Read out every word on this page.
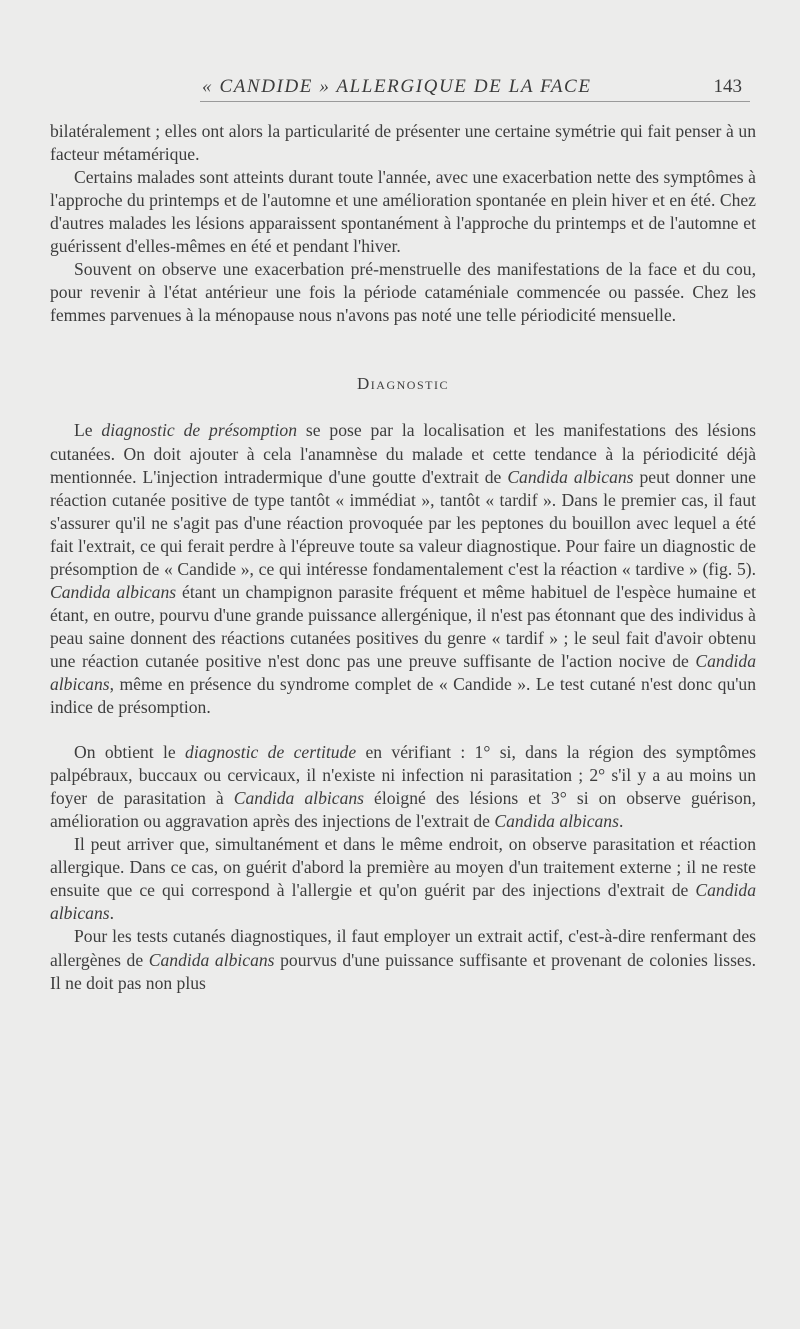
« CANDIDE » ALLERGIQUE DE LA FACE	143

bilatéralement ; elles ont alors la particularité de présenter une certaine symétrie qui fait penser à un facteur métamérique.

Certains malades sont atteints durant toute l'année, avec une exacerbation nette des symptômes à l'approche du printemps et de l'automne et une amélioration spontanée en plein hiver et en été. Chez d'autres malades les lésions apparaissent spontanément à l'approche du printemps et de l'automne et guérissent d'elles-mêmes en été et pendant l'hiver.

Souvent on observe une exacerbation pré-menstruelle des manifestations de la face et du cou, pour revenir à l'état antérieur une fois la période cataméniale commencée ou passée. Chez les femmes parvenues à la ménopause nous n'avons pas noté une telle périodicité mensuelle.

Diagnostic

Le diagnostic de présomption se pose par la localisation et les manifestations des lésions cutanées. On doit ajouter à cela l'anamnèse du malade et cette tendance à la périodicité déjà mentionnée. L'injection intradermique d'une goutte d'extrait de Candida albicans peut donner une réaction cutanée positive de type tantôt « immédiat », tantôt « tardif ». Dans le premier cas, il faut s'assurer qu'il ne s'agit pas d'une réaction provoquée par les peptones du bouillon avec lequel a été fait l'extrait, ce qui ferait perdre à l'épreuve toute sa valeur diagnostique. Pour faire un diagnostic de présomption de « Candide », ce qui intéresse fondamentalement c'est la réaction « tardive » (fig. 5). Candida albicans étant un champignon parasite fréquent et même habituel de l'espèce humaine et étant, en outre, pourvu d'une grande puissance allergénique, il n'est pas étonnant que des individus à peau saine donnent des réactions cutanées positives du genre « tardif » ; le seul fait d'avoir obtenu une réaction cutanée positive n'est donc pas une preuve suffisante de l'action nocive de Candida albicans, même en présence du syndrome complet de « Candide ». Le test cutané n'est donc qu'un indice de présomption.

On obtient le diagnostic de certitude en vérifiant : 1° si, dans la région des symptômes palpébraux, buccaux ou cervicaux, il n'existe ni infection ni parasitation ; 2° s'il y a au moins un foyer de parasitation à Candida albicans éloigné des lésions et 3° si on observe guérison, amélioration ou aggravation après des injections de l'extrait de Candida albicans.

Il peut arriver que, simultanément et dans le même endroit, on observe parasitation et réaction allergique. Dans ce cas, on guérit d'abord la première au moyen d'un traitement externe ; il ne reste ensuite que ce qui correspond à l'allergie et qu'on guérit par des injections d'extrait de Candida albicans.

Pour les tests cutanés diagnostiques, il faut employer un extrait actif, c'est-à-dire renfermant des allergènes de Candida albicans pourvus d'une puissance suffisante et provenant de colonies lisses. Il ne doit pas non plus
